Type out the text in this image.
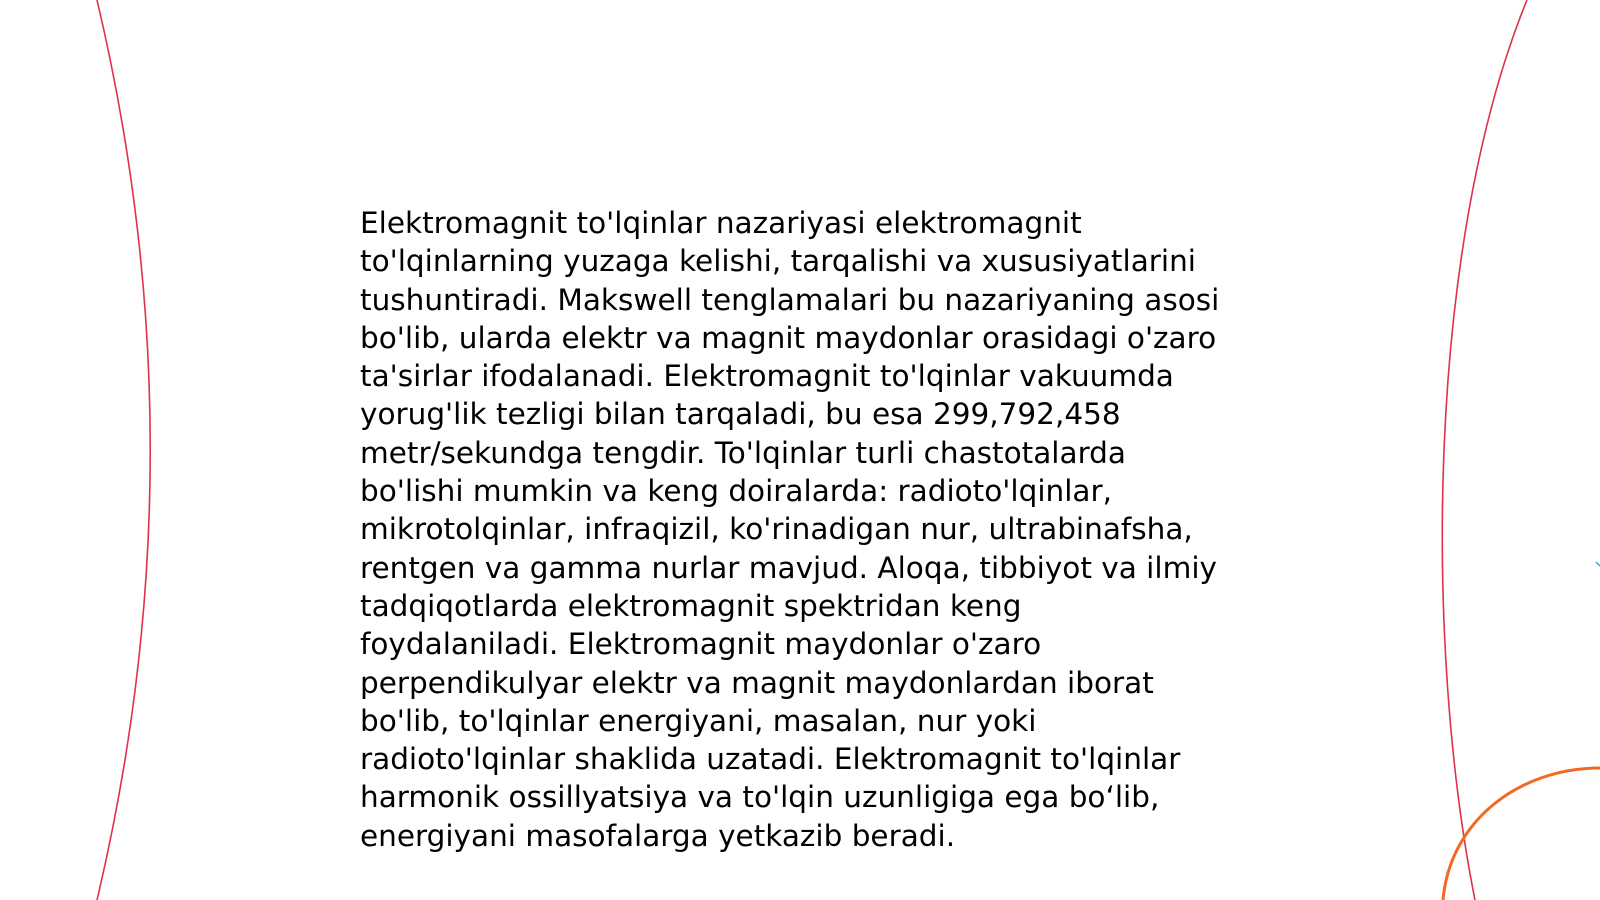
Elektromagnit to'lqinlar nazariyasi elektromagnit
to'lqinlarning yuzaga kelishi, tarqalishi va xususiyatlarini
tushuntiradi. Makswell tenglamalari bu nazariyaning asosi
bo'lib, ularda elektr va magnit maydonlar orasidagi o'zaro
ta'sirlar ifodalanadi. Elektromagnit to'lqinlar vakuumda
yorug'lik tezligi bilan tarqaladi, bu esa 299,792,458
metr/sekundga tengdir. To'lqinlar turli chastotalarda
bo'lishi mumkin va keng doiralarda: radioto'lqinlar,
mikrotolqinlar, infraqizil, ko'rinadigan nur, ultrabinafsha,
rentgen va gamma nurlar mavjud. Aloqa, tibbiyot va ilmiy
tadqiqotlarda elektromagnit spektridan keng
foydalaniladi. Elektromagnit maydonlar o'zaro
perpendikulyar elektr va magnit maydonlardan iborat
bo'lib, to'lqinlar energiyani, masalan, nur yoki
radioto'lqinlar shaklida uzatadi. Elektromagnit to'lqinlar
harmonik ossillyatsiya va to'lqin uzunligiga ega bo‘lib,
energiyani masofalarga yetkazib beradi.
